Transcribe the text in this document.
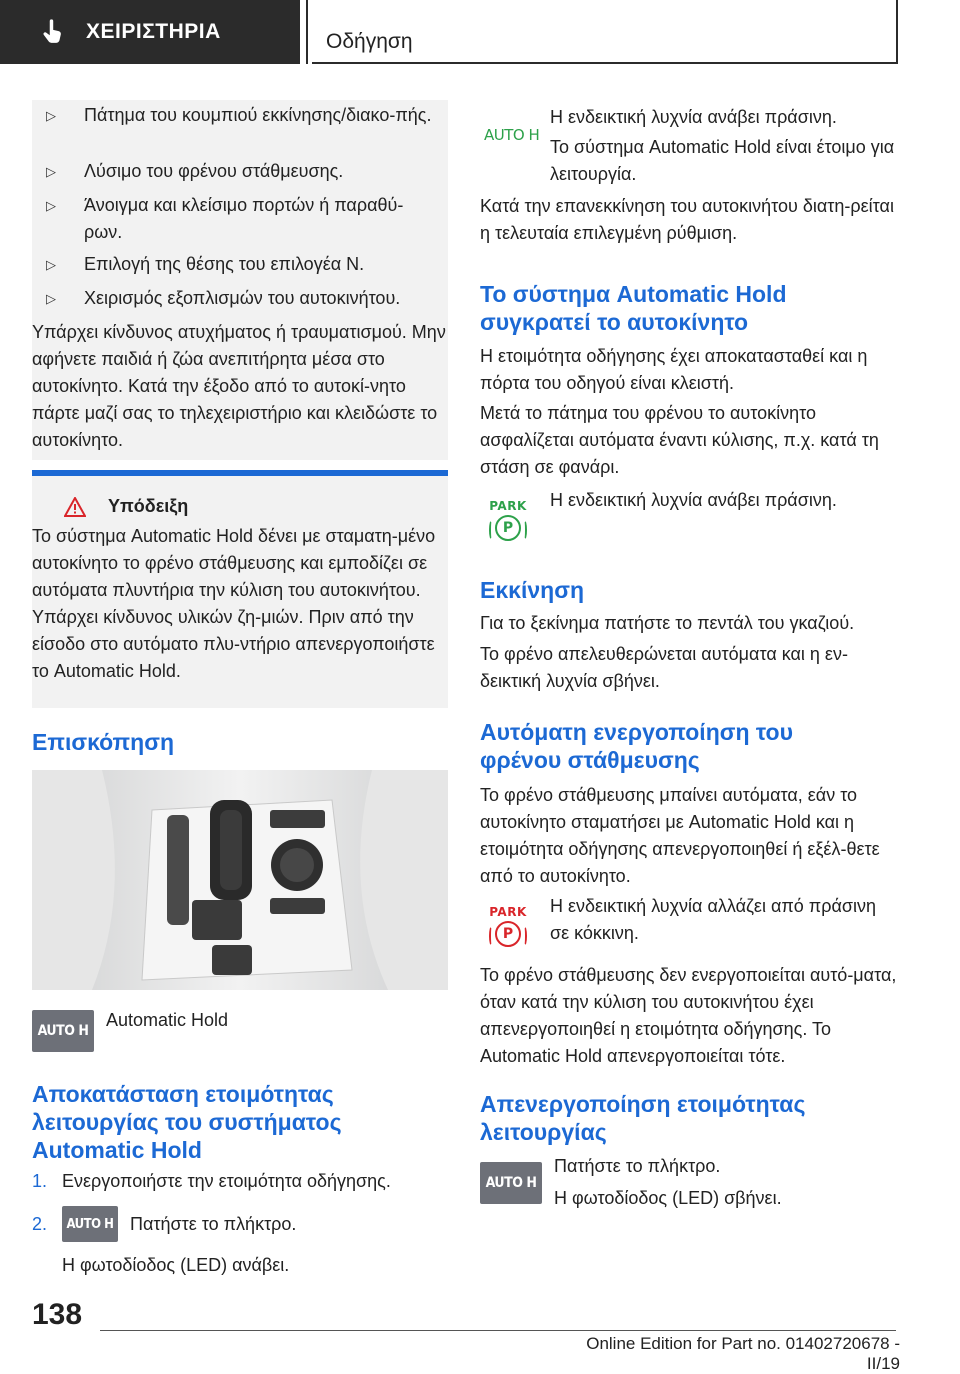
ΧΕΙΡΙΣΤΗΡΙΑ	Οδήγηση
▷	Πάτημα του κουμπιού εκκίνησης/διακο-πής.
▷	Λύσιμο του φρένου στάθμευσης.
▷	Άνοιγμα και κλείσιμο πορτών ή παραθύ-ρων.
▷	Επιλογή της θέσης του επιλογέα N.
▷	Χειρισμός εξοπλισμών του αυτοκινήτου.
Υπάρχει κίνδυνος ατυχήματος ή τραυματισμού. Μην αφήνετε παιδιά ή ζώα ανεπιτήρητα μέσα στο αυτοκίνητο. Κατά την έξοδο από το αυτοκί-νητο πάρτε μαζί σας το τηλεχειριστήριο και κλειδώστε το αυτοκίνητο.
Υπόδειξη
Το σύστημα Automatic Hold δένει με σταματη-μένο αυτοκίνητο το φρένο στάθμευσης και εμποδίζει σε αυτόματα πλυντήρια την κύλιση του αυτοκινήτου. Υπάρχει κίνδυνος υλικών ζη-μιών. Πριν από την είσοδο στο αυτόματο πλυ-ντήριο απενεργοποιήστε το Automatic Hold.
Επισκόπηση
AUTO H
Automatic Hold
Αποκατάσταση ετοιμότητας λειτουργίας του συστήματος Automatic Hold
1. Ενεργοποιήστε την ετοιμότητα οδήγησης.
2.	AUTO H Πατήστε το πλήκτρο.
Η φωτοδίοδος (LED) ανάβει.
AUTO H
Η ενδεικτική λυχνία ανάβει πράσινη.
Το σύστημα Automatic Hold είναι έτοιμο για λειτουργία.
Κατά την επανεκκίνηση του αυτοκινήτου διατη-ρείται η τελευταία επιλεγμένη ρύθμιση.
Το σύστημα Automatic Hold συγκρατεί το αυτοκίνητο
Η ετοιμότητα οδήγησης έχει αποκατασταθεί και η πόρτα του οδηγού είναι κλειστή.
Μετά το πάτημα του φρένου το αυτοκίνητο ασφαλίζεται αυτόματα έναντι κύλισης, π.χ. κατά τη στάση σε φανάρι.
PARK
P
Η ενδεικτική λυχνία ανάβει πράσινη.
Εκκίνηση
Για το ξεκίνημα πατήστε το πεντάλ του γκαζιού.
Το φρένο απελευθερώνεται αυτόματα και η εν-δεικτική λυχνία σβήνει.
Αυτόματη ενεργοποίηση του φρένου στάθμευσης
Το φρένο στάθμευσης μπαίνει αυτόματα, εάν το αυτοκίνητο σταματήσει με Automatic Hold και η ετοιμότητα οδήγησης απενεργοποιηθεί ή εξέλ-θετε από το αυτοκίνητο.
PARK
P
Η ενδεικτική λυχνία αλλάζει από πράσινη σε κόκκινη.
Το φρένο στάθμευσης δεν ενεργοποιείται αυτό-ματα, όταν κατά την κύλιση του αυτοκινήτου έχει απενεργοποιηθεί η ετοιμότητα οδήγησης. Το Automatic Hold απενεργοποιείται τότε.
Απενεργοποίηση ετοιμότητας λειτουργίας
AUTO H
Πατήστε το πλήκτρο.
Η φωτοδίοδος (LED) σβήνει.
138
Online Edition for Part no. 01402720678 - II/19
